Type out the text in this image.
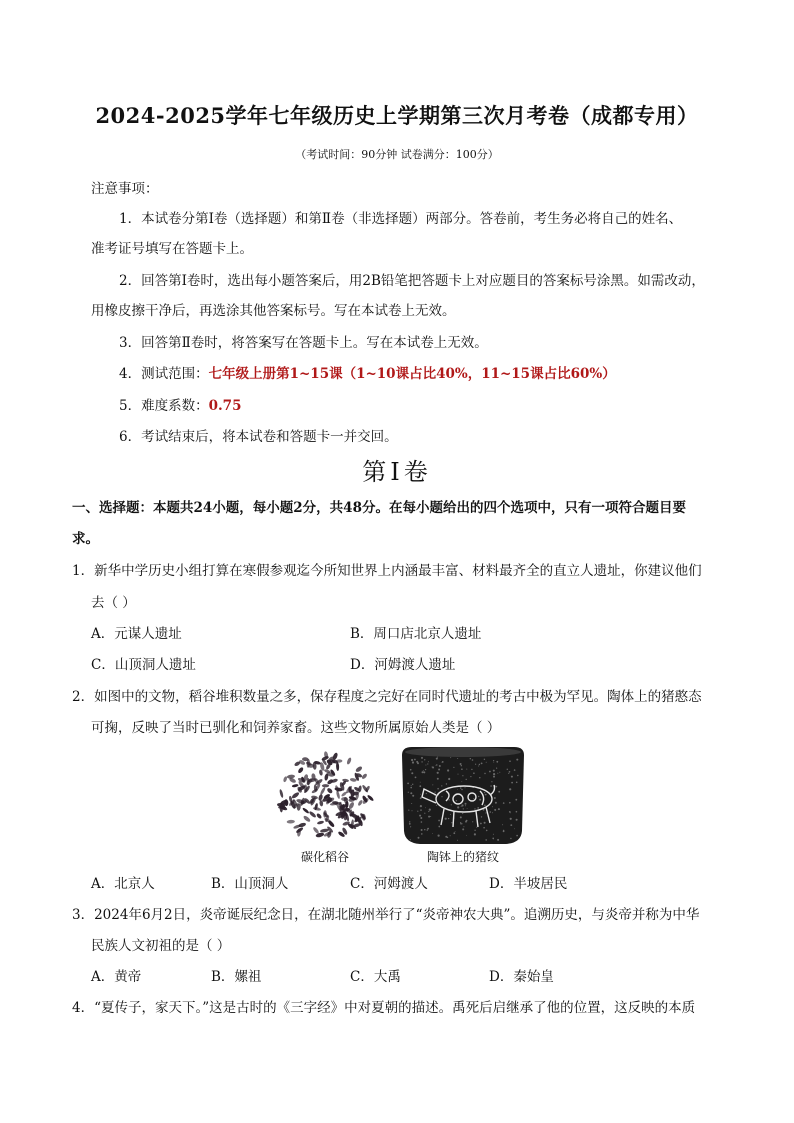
2024-2025学年七年级历史上学期第三次月考卷（成都专用）
（考试时间：90分钟 试卷满分：100分）
注意事项：
1．本试卷分第Ⅰ卷（选择题）和第Ⅱ卷（非选择题）两部分。答卷前，考生务必将自己的姓名、
准考证号填写在答题卡上。
2．回答第Ⅰ卷时，选出每小题答案后，用2B铅笔把答题卡上对应题目的答案标号涂黑。如需改动，
用橡皮擦干净后，再选涂其他答案标号。写在本试卷上无效。
3．回答第Ⅱ卷时，将答案写在答题卡上。写在本试卷上无效。
4．测试范围：七年级上册第1~15课（1~10课占比40%，11~15课占比60%）
5．难度系数：0.75
6．考试结束后，将本试卷和答题卡一并交回。
第Ⅰ卷
一、选择题：本题共24小题，每小题2分，共48分。在每小题给出的四个选项中，只有一项符合题目要
求。
1．新华中学历史小组打算在寒假参观迄今所知世界上内涵最丰富、材料最齐全的直立人遗址，你建议他们
去（ ）
A．元谋人遗址	B．周口店北京人遗址
C．山顶洞人遗址	D．河姆渡人遗址
2．如图中的文物，稻谷堆积数量之多，保存程度之完好在同时代遗址的考古中极为罕见。陶体上的猪憨态
可掬，反映了当时已驯化和饲养家畜。这些文物所属原始人类是（ ）
碳化稻谷	陶钵上的猪纹
A．北京人	B．山顶洞人	C．河姆渡人	D．半坡居民
3．2024年6月2日，炎帝诞辰纪念日，在湖北随州举行了“炎帝神农大典”。追溯历史，与炎帝并称为中华
民族人文初祖的是（ ）
A．黄帝	B．嫘祖	C．大禹	D．秦始皇
4．“夏传子，家天下。”这是古时的《三字经》中对夏朝的描述。禹死后启继承了他的位置，这反映的本质
